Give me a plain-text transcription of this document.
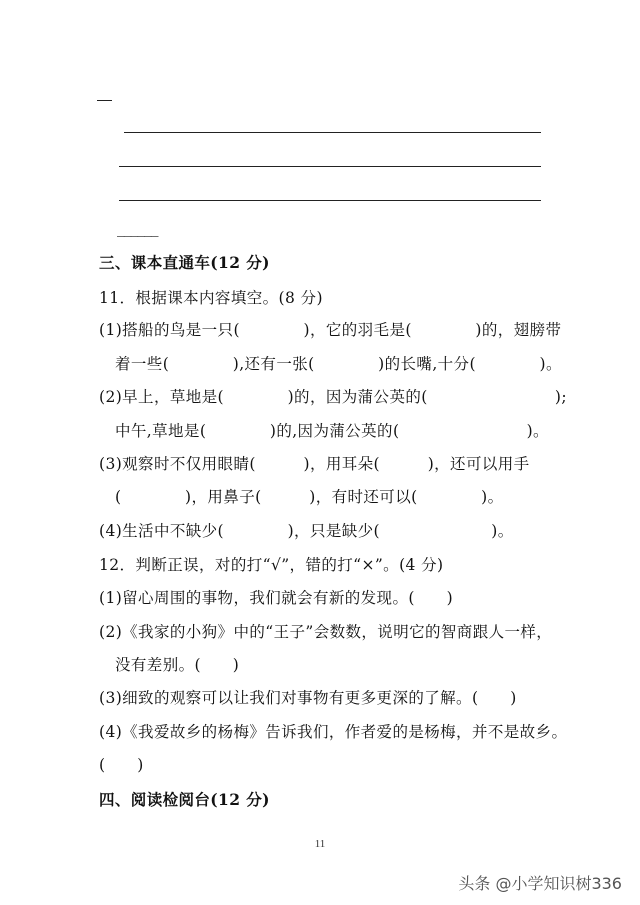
______
三、课本直通车(12 分)
11．根据课本内容填空。(8 分)
(1)搭船的鸟是一只(　　　　)，它的羽毛是(　　　　)的，翅膀带
着一些(　　　　),还有一张(　　　　)的长嘴,十分(　　　　)。
(2)早上，草地是(　　　　)的，因为蒲公英的(　　　　　　　　);
中午,草地是(　　　　)的,因为蒲公英的(　　　　　　　　)。
(3)观察时不仅用眼睛(　　　)，用耳朵(　　　)，还可以用手
(　　　　)，用鼻子(　　　)，有时还可以(　　　　)。
(4)生活中不缺少(　　　　)，只是缺少(　　　　　　　)。
12．判断正误，对的打“√”，错的打“×”。(4 分)
(1)留心周围的事物，我们就会有新的发现。(　　)
(2)《我家的小狗》中的“王子”会数数，说明它的智商跟人一样，
没有差别。(　　)
(3)细致的观察可以让我们对事物有更多更深的了解。(　　)
(4)《我爱故乡的杨梅》告诉我们，作者爱的是杨梅，并不是故乡。
(　　)
四、阅读检阅台(12 分)
11
头条 @小学知识树336
